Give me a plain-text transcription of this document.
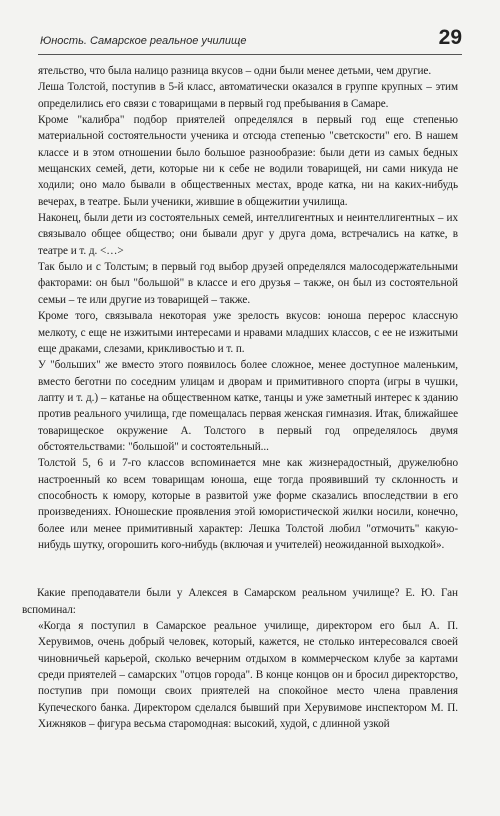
Юность. Самарское реальное училище	29

ятельство, что была налицо разница вкусов – одни были менее детьми, чем другие.

Леша Толстой, поступив в 5-й класс, автоматически оказался в группе крупных – этим определились его связи с товарищами в первый год пребывания в Самаре.

Кроме "калибра" подбор приятелей определялся в первый год еще степенью материальной состоятельности ученика и отсюда степенью "светскости" его. В нашем классе и в этом отношении было большое разнообразие: были дети из самых бедных мещанских семей, дети, которые ни к себе не водили товарищей, ни сами никуда не ходили; оно мало бывали в общественных местах, вроде катка, ни на каких-нибудь вечерах, в театре. Были ученики, жившие в общежитии училища.

Наконец, были дети из состоятельных семей, интеллигентных и неинтеллигентных – их связывало общее общество; они бывали друг у друга дома, встречались на катке, в театре и т. д. <…>

Так было и с Толстым; в первый год выбор друзей определялся малосодержательными факторами: он был "большой" в классе и его друзья – также, он был из состоятельной семьи – те или другие из товарищей – также.

Кроме того, связывала некоторая уже зрелость вкусов: юноша перерос классную мелкоту, с еще не изжитыми интересами и нравами младших классов, с ее не изжитыми еще драками, слезами, крикливостью и т. п.

У "больших" же вместо этого появилось более сложное, менее доступное маленьким, вместо беготни по соседним улицам и дворам и примитивного спорта (игры в чушки, лапту и т. д.) – катанье на общественном катке, танцы и уже заметный интерес к зданию против реального училища, где помещалась первая женская гимназия. Итак, ближайшее товарищеское окружение А. Толстого в первый год определялось двумя обстоятельствами: "большой" и состоятельный...

Толстой 5, 6 и 7-го классов вспоминается мне как жизнерадостный, дружелюбно настроенный ко всем товарищам юноша, еще тогда проявивший ту склонность и способность к юмору, которые в развитой уже форме сказались впоследствии в его произведениях. Юношеские проявления этой юмористической жилки носили, конечно, более или менее примитивный характер: Лешка Толстой любил "отмочить" какую-нибудь шутку, огорошить кого-нибудь (включая и учителей) неожиданной выходкой».

Какие преподаватели были у Алексея в Самарском реальном училище? Е. Ю. Ган вспоминал:

«Когда я поступил в Самарское реальное училище, директором его был А. П. Херувимов, очень добрый человек, который, кажется, не столько интересовался своей чиновничьей карьерой, сколько вечерним отдыхом в коммерческом клубе за картами среди приятелей – самарских "отцов города". В конце концов он и бросил директорство, поступив при помощи своих приятелей на спокойное место члена правления Купеческого банка. Директором сделался бывший при Херувимове инспектором М. П. Хижняков – фигура весьма старомодная: высокий, худой, с длинной узкой
